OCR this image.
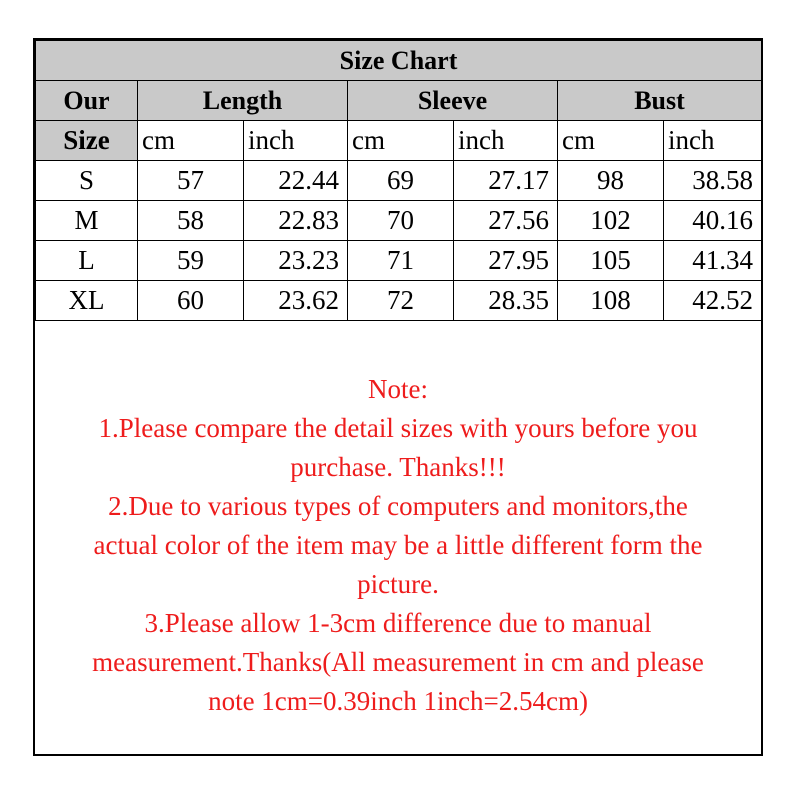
Size Chart						
Our	Length		Sleeve		Bust	
Size	cm	inch	cm	inch	cm	inch
S	57	22.44	69	27.17	98	38.58
M	58	22.83	70	27.56	102	40.16
L	59	23.23	71	27.95	105	41.34
XL	60	23.62	72	28.35	108	42.52
Note:
1.Please compare the detail sizes with yours before you
purchase. Thanks!!!
2.Due to various types of computers and monitors,the
actual color of the item may be a little different form the
picture.
3.Please allow 1-3cm difference due to manual
measurement.Thanks(All measurement in cm and please
note 1cm=0.39inch 1inch=2.54cm)
